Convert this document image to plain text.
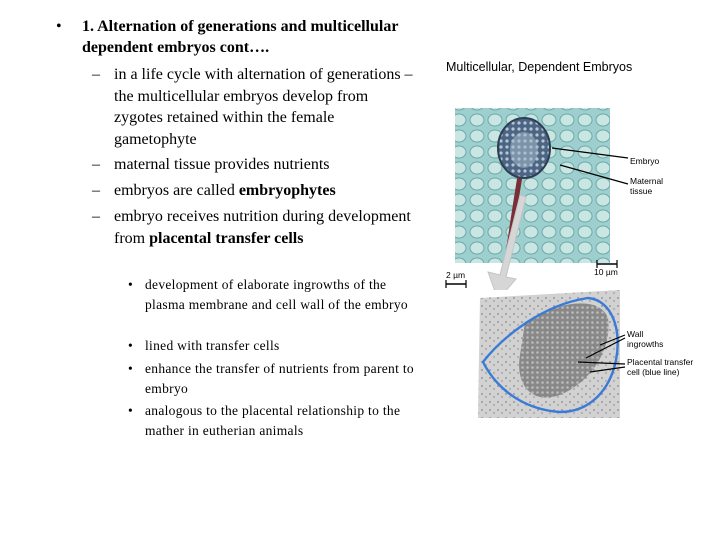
• 1. Alternation of generations and multicellular dependent embryos cont….
– in a life cycle with alternation of generations – the multicellular embryos develop from zygotes retained within the female gametophyte
– maternal tissue provides nutrients
– embryos are called embryophytes
– embryo receives nutrition during development from placental transfer cells
• development of elaborate ingrowths of the plasma membrane and cell wall of the embryo
• lined with transfer cells
• enhance the transfer of nutrients from parent to embryo
• analogous to the placental relationship to the mather in eutherian animals
Multicellular, Dependent Embryos
Embryo
Maternal tissue
2 µm	10 µm
Wall ingrowths
Placental transfer cell (blue line)
